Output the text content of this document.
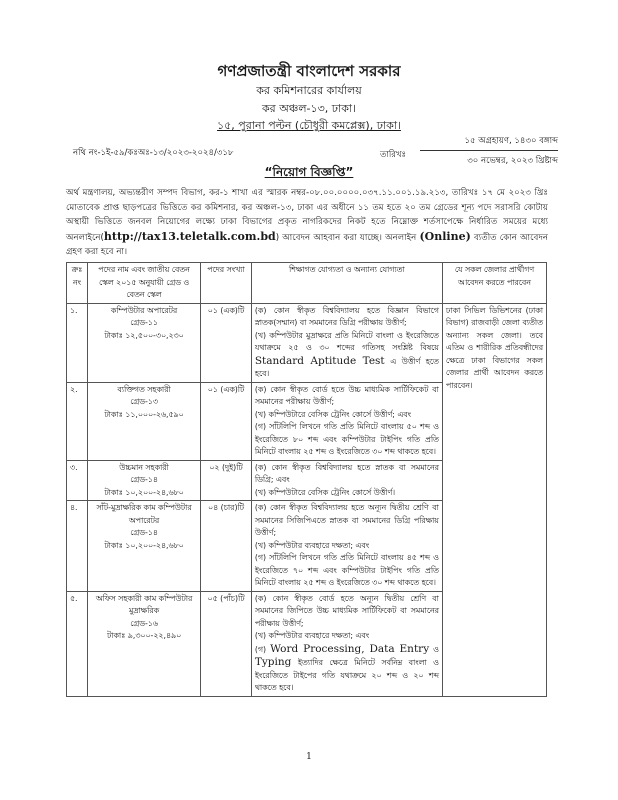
গণপ্রজাতন্ত্রী বাংলাদেশ সরকার
কর কমিশনারের কার্যালয়
কর অঞ্চল-১৩, ঢাকা।
১৫, পুরানা পল্টন (চৌধুরী কমপ্লেক্স), ঢাকা।
নথি নং-১ই-৫৯/কঃঅঃ-১৩/২০২৩-২০২৪/৩১৮	তারিখঃ
১৫ অগ্রহায়ণ, ১৪৩০ বঙ্গাব্দ
৩০ নভেম্বর, ২০২৩ খ্রিষ্টাব্দ
“নিয়োগ বিজ্ঞপ্তি”
অর্থ মন্ত্রণালয়, অভ্যন্তরীণ সম্পদ বিভাগ, কর-১ শাখা এর স্মারক নম্বর-০৮.০০.০০০০.০৩৭.১১.০০১.১৯.২১৩, তারিখঃ ১৭ মে ২০২৩ খ্রিঃ মোতাবেক প্রাপ্ত ছাড়পত্রের ভিত্তিতে কর কমিশনার, কর অঞ্চল-১৩, ঢাকা এর অধীনে ১১ তম হতে ২০ তম গ্রেডের শূন্য পদে সরাসরি কোটায় অস্থায়ী ভিত্তিতে জনবল নিয়োগের লক্ষ্যে ঢাকা বিভাগের প্রকৃত নাগরিকদের নিকট হতে নিম্নোক্ত শর্তসাপেক্ষে নির্ধারিত সময়ের মধ্যে অনলাইনে(http://tax13.teletalk.com.bd) আবেদন আহবান করা যাচ্ছে। অনলাইন (Online) ব্যতীত কোন আবেদন গ্রহণ করা হবে না।
ক্রঃ নং	পদের নাম এবং জাতীয় বেতন স্কেল ২০১৫ অনুযায়ী গ্রেড ও বেতন স্কেল	পদের সংখ্যা	শিক্ষাগত যোগ্যতা ও অন্যান্য যোগ্যতা	যে সকল জেলার প্রার্থীগণ আবেদন করতে পারবেন
১.	কম্পিউটার অপারেটর
গ্রেড-১১
টাকাঃ ১২,৫০০-৩০,২৩০
	০১ (এক)টি	(ক) কোন স্বীকৃত বিশ্ববিদ্যালয় হতে বিজ্ঞান বিভাগে স্নাতক(সম্মান) বা সমমানের ডিগ্রি পরীক্ষায় উত্তীর্ণ;
(খ) কম্পিউটার মুদ্রাক্ষরে প্রতি মিনিটে বাংলা ও ইংরেজিতে যথাক্রমে ২৫ ও ৩০ শব্দের গতিসহ সংশ্লিষ্ট বিষয়ে Standard Aptitude Test এ উত্তীর্ণ হতে হবে।
	ঢাকা সিভিল ডিভিশনের (ঢাকা বিভাগ) রাজবাড়ী জেলা ব্যতীত অন্যান্য সকল জেলা। তবে এতিম ও শারীরিক প্রতিবন্ধীদের ক্ষেত্রে ঢাকা বিভাগের সকল জেলার প্রার্থী আবেদন করতে পারবেন।
২.	ব্যক্তিগত সহকারী
গ্রেড-১৩
টাকাঃ ১১,০০০-২৬,৫৯০
	০১ (এক)টি	(ক) কোন স্বীকৃত বোর্ড হতে উচ্চ মাধ্যমিক সার্টিফিকেট বা সমমানের পরীক্ষায় উত্তীর্ণ;
(খ) কম্পিউটারে বেসিক ট্রেনিং কোর্সে উত্তীর্ণ; এবং
(গ) সাঁটলিপি লিখনে গতি প্রতি মিনিটে বাংলায় ৫০ শব্দ ও ইংরেজিতে ৮০ শব্দ এবং কম্পিউটার টাইপিং গতি প্রতি মিনিটে বাংলায় ২৫ শব্দ ও ইংরেজিতে ৩০ শব্দ থাকতে হবে।

৩.	উচ্চমান সহকারী
গ্রেড-১৪
টাকাঃ ১০,২০০-২৪,৬৮০
	০২ (দুই)টি	(ক) কোন স্বীকৃত বিশ্ববিদ্যালয় হতে স্নাতক বা সমমানের ডিগ্রি; এবং
(খ) কম্পিউটারে বেসিক ট্রেনিং কোর্সে উত্তীর্ণ।

৪.	সাঁট-মুদ্রাক্ষরিক কাম কম্পিউটার অপারেটর
গ্রেড-১৪
টাকাঃ ১০,২০০-২৪,৬৮০
	০৪ (চার)টি	(ক) কোন স্বীকৃত বিশ্ববিদ্যালয় হতে অন্যূন দ্বিতীয় শ্রেণি বা সমমানের সিজিপিএতে স্নাতক বা সমমানের ডিগ্রি পরিক্ষায় উত্তীর্ণ;
(খ) কম্পিউটার ব্যবহারে দক্ষতা; এবং
(গ) সাঁটলিপি লিখনে গতি প্রতি মিনিটে বাংলায় ৪৫ শব্দ ও ইংরেজিতে ৭০ শব্দ এবং কম্পিউটার টাইপিং গতি প্রতি মিনিটে বাংলায় ২৫ শব্দ ও ইংরেজিতে ৩০ শব্দ থাকতে হবে।

৫.	অফিস সহকারী কাম কম্পিউটার মুদ্রাক্ষরিক
গ্রেড-১৬
টাকাঃ ৯,৩০০-২২,৪৯০
	০৫ (পাঁচ)টি	(ক) কোন স্বীকৃত বোর্ড হতে অন্যূন দ্বিতীয় শ্রেণি বা সমমানের জিপিতে উচ্চ মাধ্যমিক সার্টিফিকেট বা সমমানের পরীক্ষায় উত্তীর্ণ;
(খ) কম্পিউটার ব্যবহারে দক্ষতা; এবং
(গ) Word Processing, Data Entry ও Typing ইত্যাদির ক্ষেত্রে মিনিটে সর্বনিম্ন বাংলা ও ইংরেজিতে টাইপের গতি যথাক্রমে ২০ শব্দ ও ২০ শব্দ থাকতে হবে।
1
